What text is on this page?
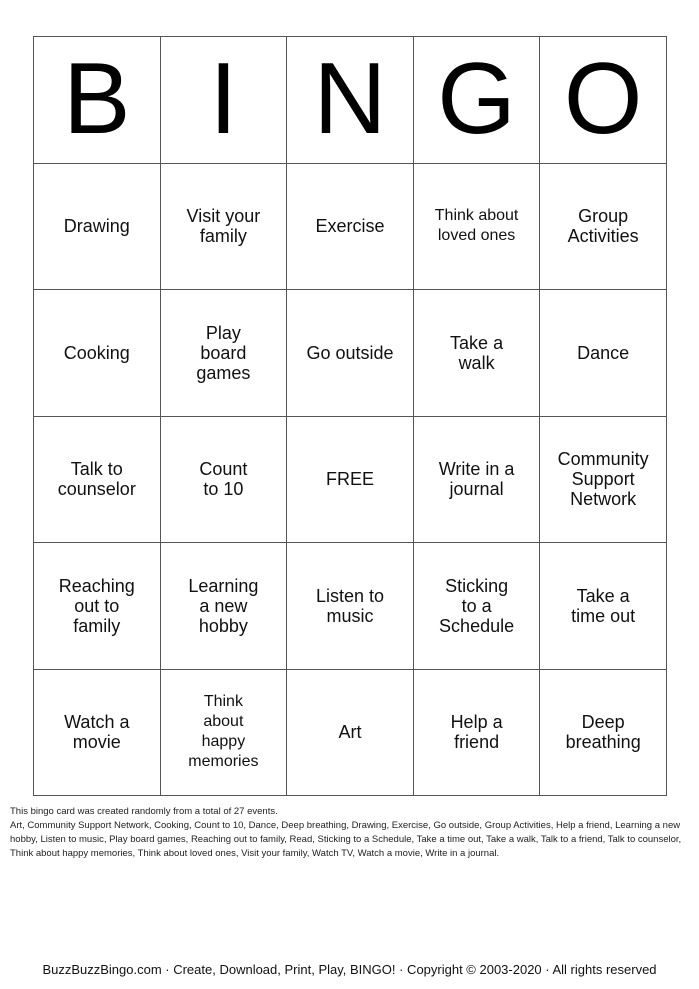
B	I	N	G	O
Drawing	Visit your family	Exercise	Think about loved ones	Group Activities
Cooking	Play board games	Go outside	Take a walk	Dance
Talk to counselor	Count to 10	FREE	Write in a journal	Community Support Network
Reaching out to family	Learning a new hobby	Listen to music	Sticking to a Schedule	Take a time out
Watch a movie	Think about happy memories	Art	Help a friend	Deep breathing

This bingo card was created randomly from a total of 27 events.

Art, Community Support Network, Cooking, Count to 10, Dance, Deep breathing, Drawing, Exercise, Go outside, Group Activities, Help a friend, Learning a new hobby, Listen to music, Play board games, Reaching out to family, Read, Sticking to a Schedule, Take a time out, Take a walk, Talk to a friend, Talk to counselor, Think about happy memories, Think about loved ones, Visit your family, Watch TV, Watch a movie, Write in a journal.

BuzzBuzzBingo.com · Create, Download, Print, Play, BINGO! · Copyright © 2003-2020 · All rights reserved
